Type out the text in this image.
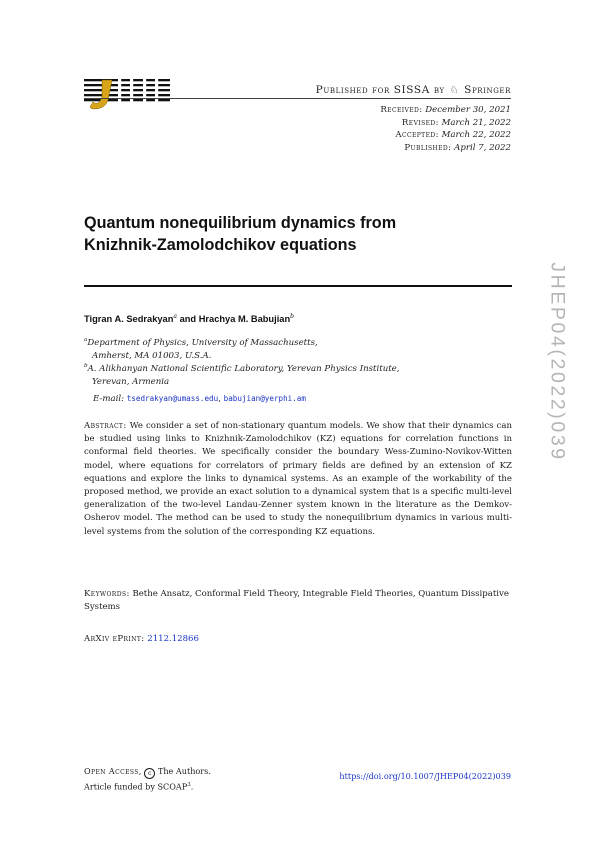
Published for SISSA by ♘ Springer
Received: December 30, 2021
Revised: March 21, 2022
Accepted: March 22, 2022
Published: April 7, 2022
JHEP04(2022)039
Quantum nonequilibrium dynamics from
Knizhnik-Zamolodchikov equations
Tigran A. Sedrakyan$^a$ and Hrachya M. Babujian$^b$
$^a$Department of Physics, University of Massachusetts,
Amherst, MA 01003, U.S.A.
$^b$A. Alikhanyan National Scientific Laboratory, Yerevan Physics Institute,
Yerevan, Armenia
E-mail: tsedrakyan@umass.edu, babujian@yerphi.am

Abstract: We consider a set of non-stationary quantum models. We show that their dynamics can be studied using links to Knizhnik-Zamolodchikov (KZ) equations for correlation functions in conformal field theories. We specifically consider the boundary Wess-Zumino-Novikov-Witten model, where equations for correlators of primary fields are defined by an extension of KZ equations and explore the links to dynamical systems. As an example of the workability of the proposed method, we provide an exact solution to a dynamical system that is a specific multi-level generalization of the two-level Landau-Zenner system known in the literature as the Demkov-Osherov model. The method can be used to study the nonequilibrium dynamics in various multi-level systems from the solution of the corresponding KZ equations.

Keywords: Bethe Ansatz, Conformal Field Theory, Integrable Field Theories, Quantum Dissipative Systems

ArXiv ePrint: 2112.12866
Open Access, c The Authors.
Article funded by SCOAP$^3$.
https://doi.org/10.1007/JHEP04(2022)039
